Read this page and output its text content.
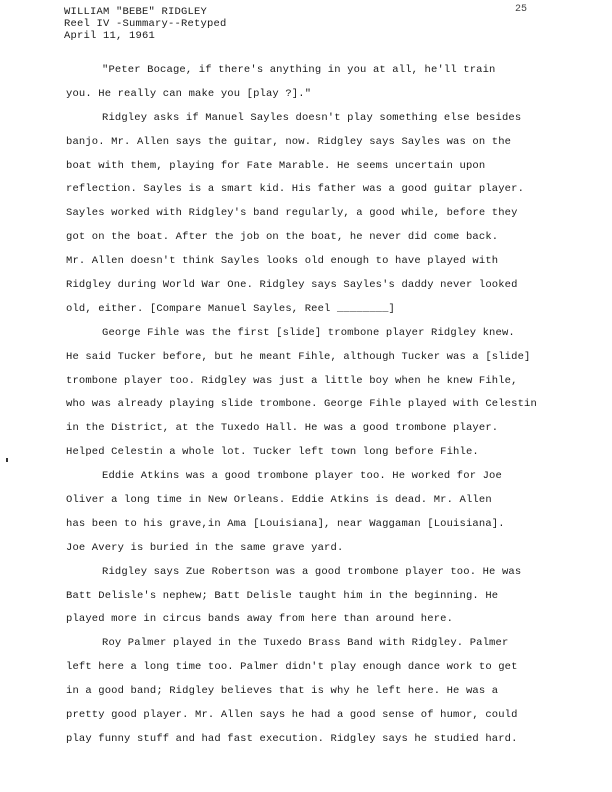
WILLIAM "BEBE" RIDGLEY
Reel IV -Summary--Retyped
April 11, 1961
25
"Peter Bocage, if there's anything in you at all, he'll train
you. He really can make you [play ?]."
Ridgley asks if Manuel Sayles doesn't play something else besides
banjo. Mr. Allen says the guitar, now. Ridgley says Sayles was on the
boat with them, playing for Fate Marable. He seems uncertain upon
reflection. Sayles is a smart kid. His father was a good guitar player.
Sayles worked with Ridgley's band regularly, a good while, before they
got on the boat. After the job on the boat, he never did come back.
Mr. Allen doesn't think Sayles looks old enough to have played with
Ridgley during World War One. Ridgley says Sayles's daddy never looked
old, either. [Compare Manuel Sayles, Reel ________]
George Fihle was the first [slide] trombone player Ridgley knew.
He said Tucker before, but he meant Fihle, although Tucker was a [slide]
trombone player too. Ridgley was just a little boy when he knew Fihle,
who was already playing slide trombone. George Fihle played with Celestin
in the District, at the Tuxedo Hall. He was a good trombone player.
Helped Celestin a whole lot. Tucker left town long before Fihle.
Eddie Atkins was a good trombone player too. He worked for Joe
Oliver a long time in New Orleans. Eddie Atkins is dead. Mr. Allen
has been to his grave,in Ama [Louisiana], near Waggaman [Louisiana].
Joe Avery is buried in the same grave yard.
Ridgley says Zue Robertson was a good trombone player too. He was
Batt Delisle's nephew; Batt Delisle taught him in the beginning. He
played more in circus bands away from here than around here.
Roy Palmer played in the Tuxedo Brass Band with Ridgley. Palmer
left here a long time too. Palmer didn't play enough dance work to get
in a good band; Ridgley believes that is why he left here. He was a
pretty good player. Mr. Allen says he had a good sense of humor, could
play funny stuff and had fast execution. Ridgley says he studied hard.
